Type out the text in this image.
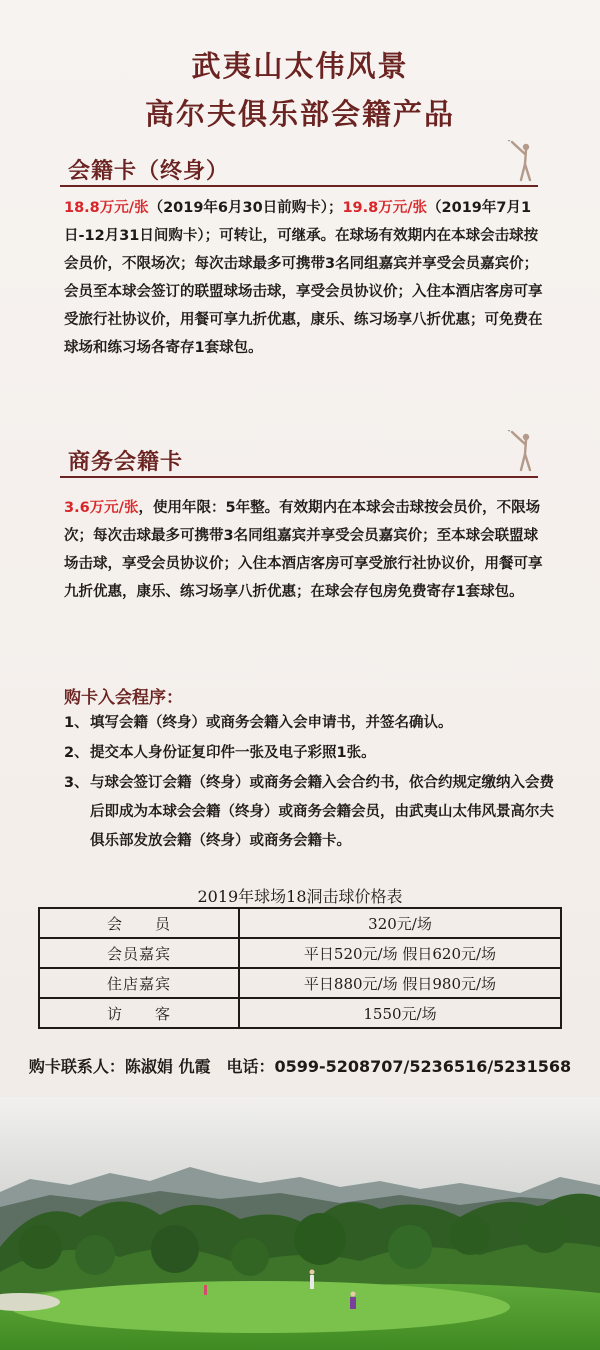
武夷山太伟风景
高尔夫俱乐部会籍产品
会籍卡（终身）
18.8万元/张（2019年6月30日前购卡）；19.8万元/张（2019年7月1日-12月31日间购卡）；可转让，可继承。在球场有效期内在本球会击球按会员价，不限场次；每次击球最多可携带3名同组嘉宾并享受会员嘉宾价；会员至本球会签订的联盟球场击球，享受会员协议价；入住本酒店客房可享受旅行社协议价，用餐可享九折优惠，康乐、练习场享八折优惠；可免费在球场和练习场各寄存1套球包。
商务会籍卡
3.6万元/张，使用年限：5年整。有效期内在本球会击球按会员价，不限场次；每次击球最多可携带3名同组嘉宾并享受会员嘉宾价；至本球会联盟球场击球，享受会员协议价；入住本酒店客房可享受旅行社协议价，用餐可享九折优惠，康乐、练习场享八折优惠；在球会存包房免费寄存1套球包。
购卡入会程序：
1、填写会籍（终身）或商务会籍入会申请书，并签名确认。
2、提交本人身份证复印件一张及电子彩照1张。
3、 与球会签订会籍（终身）或商务会籍入会合约书，依合约规定缴纳入会费后即成为本球会会籍（终身）或商务会籍会员，由武夷山太伟风景高尔夫俱乐部发放会籍（终身）或商务会籍卡。
2019年球场18洞击球价格表
会　　员	320元/场
会员嘉宾	平日520元/场 假日620元/场
住店嘉宾	平日880元/场 假日980元/场
访　　客	1550元/场
购卡联系人：陈淑娟 仇霞　电话：0599-5208707/5236516/5231568
